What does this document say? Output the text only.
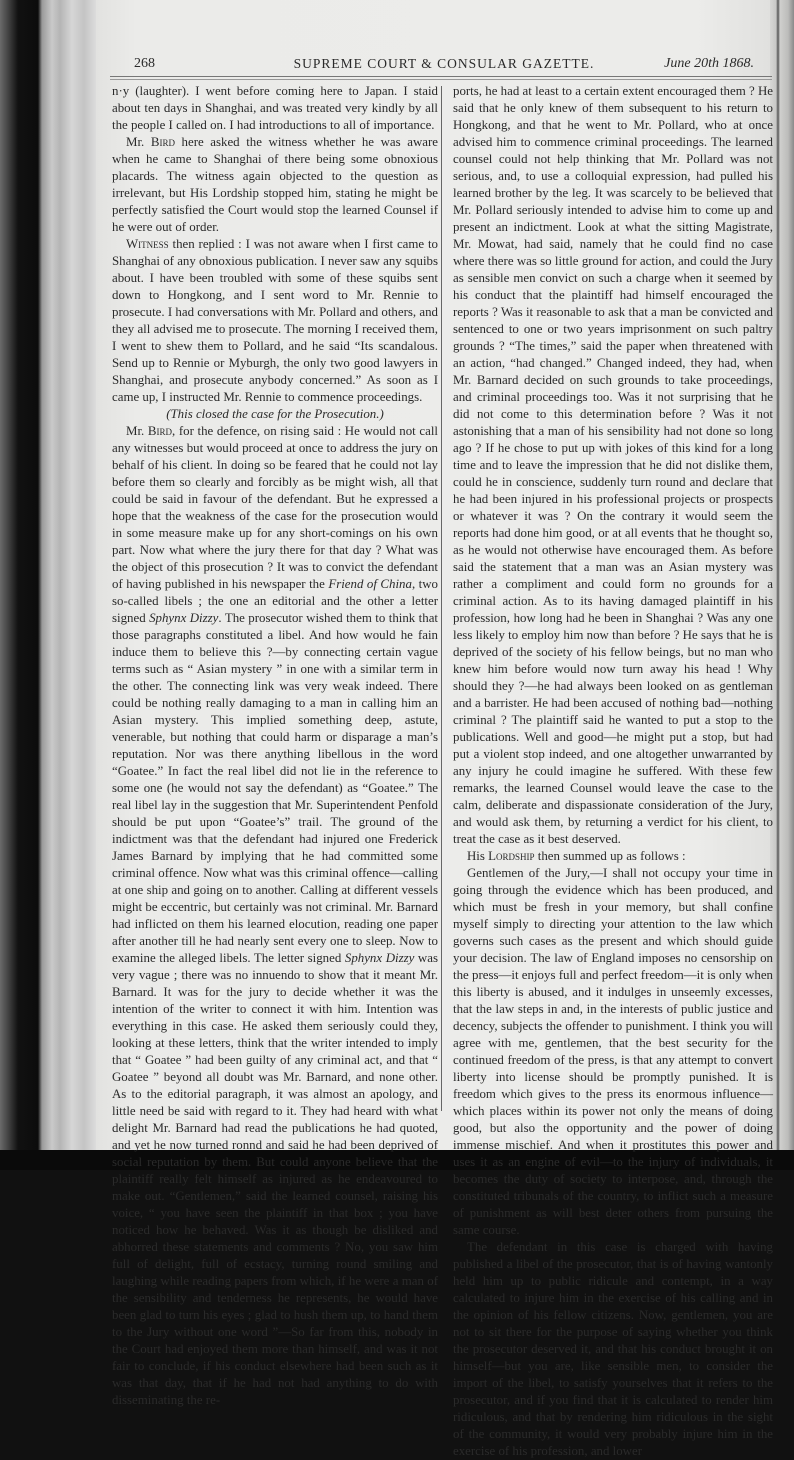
268	SUPREME COURT & CONSULAR GAZETTE.	June 20th 1868.

n·y (laughter). I went before coming here to Japan. I staid about ten days in Shanghai, and was treated very kindly by all the people I called on. I had introductions to all of importance.

Mr. Bird here asked the witness whether he was aware when he came to Shanghai of there being some obnoxious placards. The witness again objected to the question as irrelevant, but His Lordship stopped him, stating he might be perfectly satisfied the Court would stop the learned Counsel if he were out of order.

Witness then replied : I was not aware when I first came to Shanghai of any obnoxious publication. I never saw any squibs about. I have been troubled with some of these squibs sent down to Hongkong, and I sent word to Mr. Rennie to prosecute. I had conversations with Mr. Pollard and others, and they all advised me to prosecute. The morning I received them, I went to shew them to Pollard, and he said “Its scandalous. Send up to Rennie or Myburgh, the only two good lawyers in Shanghai, and prosecute anybody concerned.” As soon as I came up, I instructed Mr. Rennie to commence proceedings.

(This closed the case for the Prosecution.)

Mr. Bird, for the defence, on rising said : He would not call any witnesses but would proceed at once to address the jury on behalf of his client. In doing so be feared that he could not lay before them so clearly and forcibly as be might wish, all that could be said in favour of the defendant. But he expressed a hope that the weakness of the case for the prosecution would in some measure make up for any short-comings on his own part. Now what where the jury there for that day ? What was the object of this prosecution ? It was to convict the defendant of having published in his newspaper the Friend of China, two so-called libels ; the one an editorial and the other a letter signed Sphynx Dizzy. The prosecutor wished them to think that those paragraphs constituted a libel. And how would he fain induce them to believe this ?—by connecting certain vague terms such as “ Asian mystery ” in one with a similar term in the other. The connecting link was very weak indeed. There could be nothing really damaging to a man in calling him an Asian mystery. This implied something deep, astute, venerable, but nothing that could harm or disparage a man’s reputation. Nor was there anything libellous in the word “Goatee.” In fact the real libel did not lie in the reference to some one (he would not say the defendant) as “Goatee.” The real libel lay in the suggestion that Mr. Superintendent Penfold should be put upon “Goatee’s” trail. The ground of the indictment was that the defendant had injured one Frederick James Barnard by implying that he had committed some criminal offence. Now what was this criminal offence—calling at one ship and going on to another. Calling at different vessels might be eccentric, but certainly was not criminal. Mr. Barnard had inflicted on them his learned elocution, reading one paper after another till he had nearly sent every one to sleep. Now to examine the alleged libels. The letter signed Sphynx Dizzy was very vague ; there was no innuendo to show that it meant Mr. Barnard. It was for the jury to decide whether it was the intention of the writer to connect it with him. Intention was everything in this case. He asked them seriously could they, looking at these letters, think that the writer intended to imply that “ Goatee ” had been guilty of any criminal act, and that “ Goatee ” beyond all doubt was Mr. Barnard, and none other. As to the editorial paragraph, it was almost an apology, and little need be said with regard to it. They had heard with what delight Mr. Barnard had read the publications he had quoted, and yet he now turned ronnd and said he had been deprived of social reputation by them. But could anyone believe that the plaintiff really felt himself as injured as he endeavoured to make out. “Gentlemen,” said the learned counsel, raising his voice, “ you have seen the plaintiff in that box ; you have noticed how he behaved. Was it as though be disliked and abhorred these statements and comments ? No, you saw him full of delight, full of ecstacy, turning round smiling and laughing while reading papers from which, if he were a man of the sensibility and tenderness he represents, he would have been glad to turn his eyes ; glad to hush them up, to hand them to the Jury without one word ”—So far from this, nobody in the Court had enjoyed them more than himself, and was it not fair to conclude, if his conduct elsewhere had been such as it was that day, that if he had not had anything to do with disseminating the re-

ports, he had at least to a certain extent encouraged them ? He said that he only knew of them subsequent to his return to Hongkong, and that he went to Mr. Pollard, who at once advised him to commence criminal proceedings. The learned counsel could not help thinking that Mr. Pollard was not serious, and, to use a colloquial expression, had pulled his learned brother by the leg. It was scarcely to be believed that Mr. Pollard seriously intended to advise him to come up and present an indictment. Look at what the sitting Magistrate, Mr. Mowat, had said, namely that he could find no case where there was so little ground for action, and could the Jury as sensible men convict on such a charge when it seemed by his conduct that the plaintiff had himself encouraged the reports ? Was it reasonable to ask that a man be convicted and sentenced to one or two years imprisonment on such paltry grounds ? “The times,” said the paper when threatened with an action, “had changed.” Changed indeed, they had, when Mr. Barnard decided on such grounds to take proceedings, and criminal proceedings too. Was it not surprising that he did not come to this determination before ? Was it not astonishing that a man of his sensibility had not done so long ago ? If he chose to put up with jokes of this kind for a long time and to leave the impression that he did not dislike them, could he in conscience, suddenly turn round and declare that he had been injured in his professional projects or prospects or whatever it was ? On the contrary it would seem the reports had done him good, or at all events that he thought so, as he would not otherwise have encouraged them. As before said the statement that a man was an Asian mystery was rather a compliment and could form no grounds for a criminal action. As to its having damaged plaintiff in his profession, how long had he been in Shanghai ? Was any one less likely to employ him now than before ? He says that he is deprived of the society of his fellow beings, but no man who knew him before would now turn away his head ! Why should they ?—he had always been looked on as gentleman and a barrister. He had been accused of nothing bad—nothing criminal ? The plaintiff said he wanted to put a stop to the publications. Well and good—he might put a stop, but had put a violent stop indeed, and one altogether unwarranted by any injury he could imagine he suffered. With these few remarks, the learned Counsel would leave the case to the calm, deliberate and dispassionate consideration of the Jury, and would ask them, by returning a verdict for his client, to treat the case as it best deserved.

His Lordship then summed up as follows :

Gentlemen of the Jury,—I shall not occupy your time in going through the evidence which has been produced, and which must be fresh in your memory, but shall confine myself simply to directing your attention to the law which governs such cases as the present and which should guide your decision. The law of England imposes no censorship on the press—it enjoys full and perfect freedom—it is only when this liberty is abused, and it indulges in unseemly excesses, that the law steps in and, in the interests of public justice and decency, subjects the offender to punishment. I think you will agree with me, gentlemen, that the best security for the continued freedom of the press, is that any attempt to convert liberty into license should be promptly punished. It is freedom which gives to the press its enormous influence—which places within its power not only the means of doing good, but also the opportunity and the power of doing immense mischief. And when it prostitutes this power and uses it as an engine of evil—to the injury of individuals, it becomes the duty of society to interpose, and, through the constituted tribunals of the country, to inflict such a measure of punishment as will best deter others from pursuing the same course.

The defendant in this case is charged with having published a libel of the prosecutor, that is of having wantonly held him up to public ridicule and contempt, in a way calculated to injure him in the exercise of his calling and in the opinion of his fellow citizens. Now, gentlemen, you are not to sit there for the purpose of saying whether you think the prosecutor deserved it, and that his conduct brought it on himself—but you are, like sensible men, to consider the import of the libel, to satisfy yourselves that it refers to the prosecutor, and if you find that it is calculated to render him ridiculous, and that by rendering him ridiculous in the sight of the community, it would very probably injure him in the exercise of his profession, and lower
